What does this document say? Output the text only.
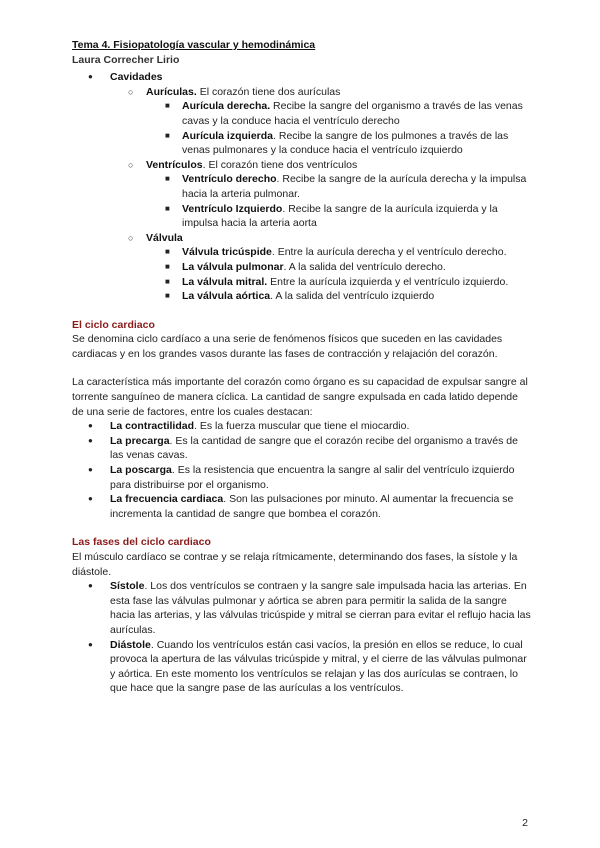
Tema 4. Fisiopatología vascular y hemodinámica
Laura Correcher Lirio
● Cavidades
○ Aurículas. El corazón tiene dos aurículas
■ Aurícula derecha. Recibe la sangre del organismo a través de las venas cavas y la conduce hacia el ventrículo derecho
■ Aurícula izquierda. Recibe la sangre de los pulmones a través de las venas pulmonares y la conduce hacia el ventrículo izquierdo
○ Ventrículos. El corazón tiene dos ventrículos
■ Ventrículo derecho. Recibe la sangre de la aurícula derecha y la impulsa hacia la arteria pulmonar.
■ Ventrículo Izquierdo. Recibe la sangre de la aurícula izquierda y la impulsa hacia la arteria aorta
○ Válvula
■ Válvula tricúspide. Entre la aurícula derecha y el ventrículo derecho.
■ La válvula pulmonar. A la salida del ventrículo derecho.
■ La válvula mitral. Entre la aurícula izquierda y el ventrículo izquierdo.
■ La válvula aórtica. A la salida del ventrículo izquierdo
El ciclo cardiaco

Se denomina ciclo cardíaco a una serie de fenómenos físicos que suceden en las cavidades cardiacas y en los grandes vasos durante las fases de contracción y relajación del corazón.

La característica más importante del corazón como órgano es su capacidad de expulsar sangre al torrente sanguíneo de manera cíclica. La cantidad de sangre expulsada en cada latido depende de una serie de factores, entre los cuales destacan:

● La contractilidad. Es la fuerza muscular que tiene el miocardio.
● La precarga. Es la cantidad de sangre que el corazón recibe del organismo a través de las venas cavas.
● La poscarga. Es la resistencia que encuentra la sangre al salir del ventrículo izquierdo para distribuirse por el organismo.
● La frecuencia cardiaca. Son las pulsaciones por minuto. Al aumentar la frecuencia se incrementa la cantidad de sangre que bombea el corazón.
Las fases del ciclo cardiaco

El músculo cardíaco se contrae y se relaja rítmicamente, determinando dos fases, la sístole y la diástole.

● Sístole. Los dos ventrículos se contraen y la sangre sale impulsada hacia las arterias. En esta fase las válvulas pulmonar y aórtica se abren para permitir la salida de la sangre hacia las arterias, y las válvulas tricúspide y mitral se cierran para evitar el reflujo hacia las aurículas.
● Diástole. Cuando los ventrículos están casi vacíos, la presión en ellos se reduce, lo cual provoca la apertura de las válvulas tricúspide y mitral, y el cierre de las válvulas pulmonar y aórtica. En este momento los ventrículos se relajan y las dos aurículas se contraen, lo que hace que la sangre pase de las aurículas a los ventrículos.
2
